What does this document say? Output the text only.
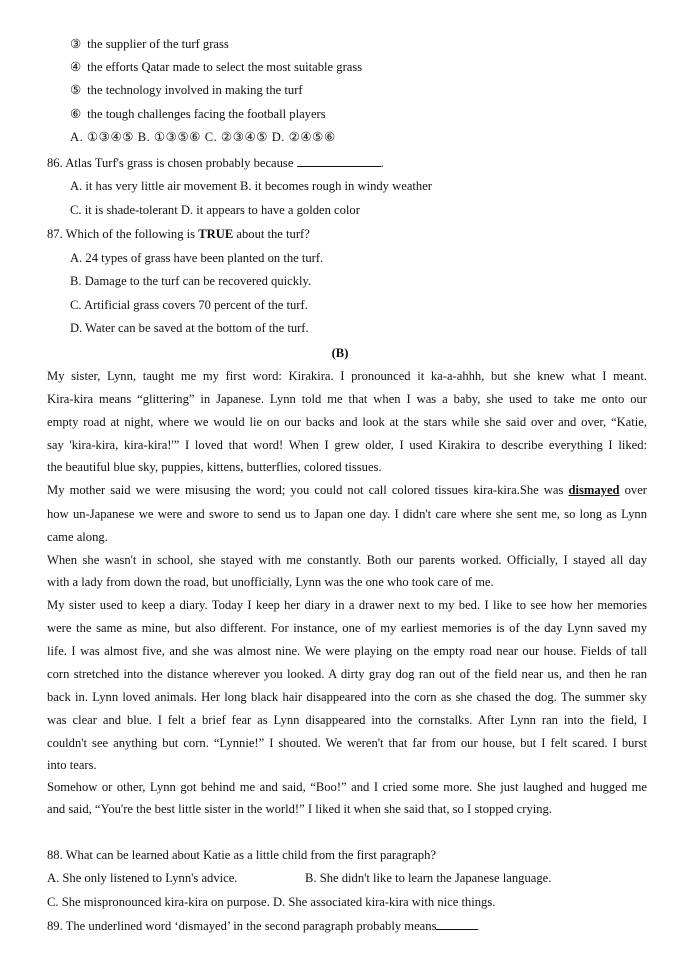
③ the supplier of the turf grass
④ the efforts Qatar made to select the most suitable grass
⑤ the technology involved in making the turf
⑥ the tough challenges facing the football players
A. ①③④⑤ B. ①③⑤⑥ C. ②③④⑤ D. ②④⑤⑥
86. Atlas Turf's grass is chosen probably because	.
A. it has very little air movement B. it becomes rough in windy weather
C. it is shade-tolerant D. it appears to have a golden color
87. Which of the following is TRUE about the turf?
A. 24 types of grass have been planted on the turf.
B. Damage to the turf can be recovered quickly.
C. Artificial grass covers 70 percent of the turf.
D. Water can be saved at the bottom of the turf.
(B)
My sister, Lynn, taught me my first word: Kirakira. I pronounced it ka-a-ahhh, but she knew what I meant.
Kira-kira means “glittering” in Japanese. Lynn told me that when I was a baby, she used to take me onto our
empty road at night, where we would lie on our backs and look at the stars while she said over and over, “Katie,
say 'kira-kira, kira-kira!'” I loved that word! When I grew older, I used Kirakira to describe everything I liked:
the beautiful blue sky, puppies, kittens, butterflies, colored tissues.
My mother said we were misusing the word; you could not call colored tissues kira-kira.She was dismayed over
how un-Japanese we were and swore to send us to Japan one day. I didn't care where she sent me, so long as Lynn
came along.
When she wasn't in school, she stayed with me constantly. Both our parents worked. Officially, I stayed all day
with a lady from down the road, but unofficially, Lynn was the one who took care of me.
My sister used to keep a diary. Today I keep her diary in a drawer next to my bed. I like to see how her memories
were the same as mine, but also different. For instance, one of my earliest memories is of the day Lynn saved my
life. I was almost five, and she was almost nine. We were playing on the empty road near our house. Fields of tall
corn stretched into the distance wherever you looked. A dirty gray dog ran out of the field near us, and then he ran
back in. Lynn loved animals. Her long black hair disappeared into the corn as she chased the dog. The summer sky
was clear and blue. I felt a brief fear as Lynn disappeared into the cornstalks. After Lynn ran into the field, I
couldn't see anything but corn. “Lynnie!” I shouted. We weren't that far from our house, but I felt scared. I burst
into tears.
Somehow or other, Lynn got behind me and said, “Boo!” and I cried some more. She just laughed and hugged me
and said, “You're the best little sister in the world!” I liked it when she said that, so I stopped crying.
88. What can be learned about Katie as a little child from the first paragraph?
A. She only listened to Lynn's advice.	B. She didn't like to learn the Japanese language.
C. She mispronounced kira-kira on purpose. D. She associated kira-kira with nice things.
89. The underlined word ‘dismayed’ in the second paragraph probably means
